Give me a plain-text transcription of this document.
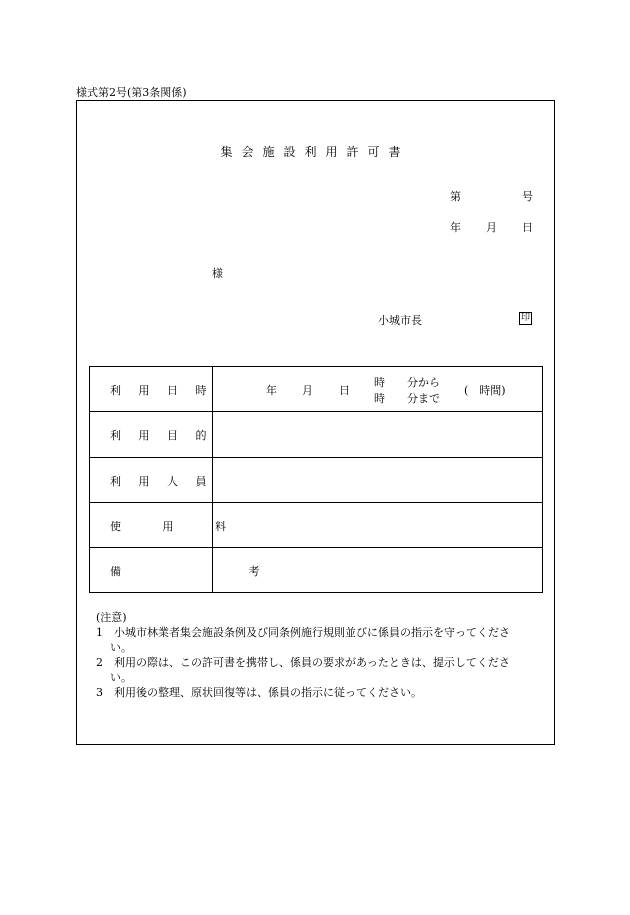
様式第2号(第3条関係)
集会施設利用許可書
第	号
年 月 日
様
小城市長	印
利 用 日 時
利 用 目 的
利 用 人 員
使 用 料
備 考
年 月 日
時　　分から
時　　分まで
(　時間)
(注意)
1　 小城市林業者集会施設条例及び同条例施行規則並びに係員の指示を守ってくださ
い。
2　 利用の際は、この許可書を携帯し、係員の要求があったときは、提示してくださ
い。
3　 利用後の整理、原状回復等は、係員の指示に従ってください。
